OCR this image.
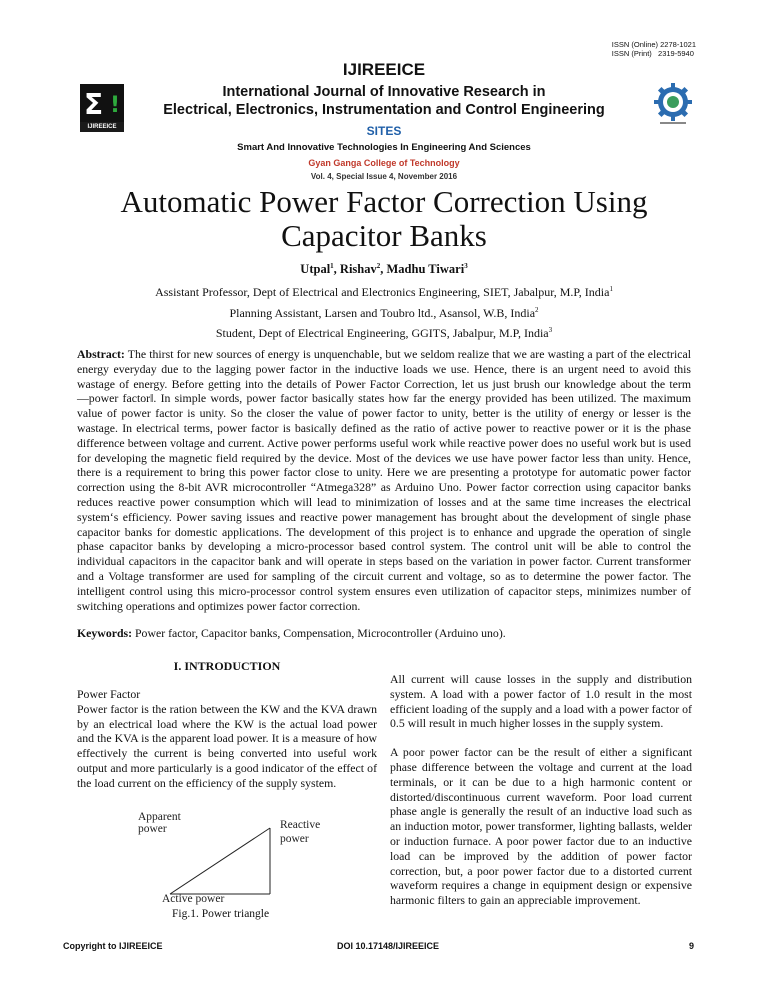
ISSN (Online) 2278-1021
ISSN (Print)   2319-5940
Σ !
IJIREEICE
IJIREEICE
International Journal of Innovative Research in
Electrical, Electronics, Instrumentation and Control Engineering
SITES
Smart And Innovative Technologies In Engineering And Sciences
Gyan Ganga College of Technology
Vol. 4, Special Issue 4, November 2016
Automatic Power Factor Correction Using
Capacitor Banks
Utpal$^1$, Rishav$^2$, Madhu Tiwari$^3$
Assistant Professor, Dept of Electrical and Electronics Engineering, SIET, Jabalpur, M.P, India$^1$
Planning Assistant, Larsen and Toubro ltd., Asansol, W.B, India$^2$
Student, Dept of Electrical Engineering, GGITS, Jabalpur, M.P, India$^3$
Abstract: The thirst for new sources of energy is unquenchable, but we seldom realize that we are wasting a part of the electrical energy everyday due to the lagging power factor in the inductive loads we use. Hence, there is an urgent need to avoid this wastage of energy. Before getting into the details of Power Factor Correction, let us just brush our knowledge about the term ―power factor‖. In simple words, power factor basically states how far the energy provided has been utilized. The maximum value of power factor is unity. So the closer the value of power factor to unity, better is the utility of energy or lesser is the wastage. In electrical terms, power factor is basically defined as the ratio of active power to reactive power or it is the phase difference between voltage and current. Active power performs useful work while reactive power does no useful work but is used for developing the magnetic field required by the device. Most of the devices we use have power factor less than unity. Hence, there is a requirement to bring this power factor close to unity. Here we are presenting a prototype for automatic power factor correction using the 8-bit AVR microcontroller “Atmega328” as Arduino Uno. Power factor correction using capacitor banks reduces reactive power consumption which will lead to minimization of losses and at the same time increases the electrical system‘s efficiency. Power saving issues and reactive power management has brought about the development of single phase capacitor banks for domestic applications. The development of this project is to enhance and upgrade the operation of single phase capacitor banks by developing a micro-processor based control system. The control unit will be able to control the individual capacitors in the capacitor bank and will operate in steps based on the variation in power factor. Current transformer and a Voltage transformer are used for sampling of the circuit current and voltage, so as to determine the power factor. The intelligent control using this micro-processor control system ensures even utilization of capacitor steps, minimizes number of switching operations and optimizes power factor correction.
Keywords: Power factor, Capacitor banks, Compensation, Microcontroller (Arduino uno).
I. INTRODUCTION

Power Factor

Power factor is the ration between the KW and the KVA drawn by an electrical load where the KW is the actual load power and the KVA is the apparent load power. It is a measure of how effectively the current is being converted into useful work output and more particularly is a good indicator of the effect of the load current on the efficiency of the supply system.

Apparent
power	Reactive
power
Active power
Fig.1. Power triangle

All current will cause losses in the supply and distribution system. A load with a power factor of 1.0 result in the most efficient loading of the supply and a load with a power factor of 0.5 will result in much higher losses in the supply system.

A poor power factor can be the result of either a significant phase difference between the voltage and current at the load terminals, or it can be due to a high harmonic content or distorted/discontinuous current waveform. Poor load current phase angle is generally the result of an inductive load such as an induction motor, power transformer, lighting ballasts, welder or induction furnace. A poor power factor due to an inductive load can be improved by the addition of power factor correction, but, a poor power factor due to a distorted current waveform requires a change in equipment design or expensive harmonic filters to gain an appreciable improvement.

Copyright to IJIREEICE	DOI 10.17148/IJIREEICE	9
